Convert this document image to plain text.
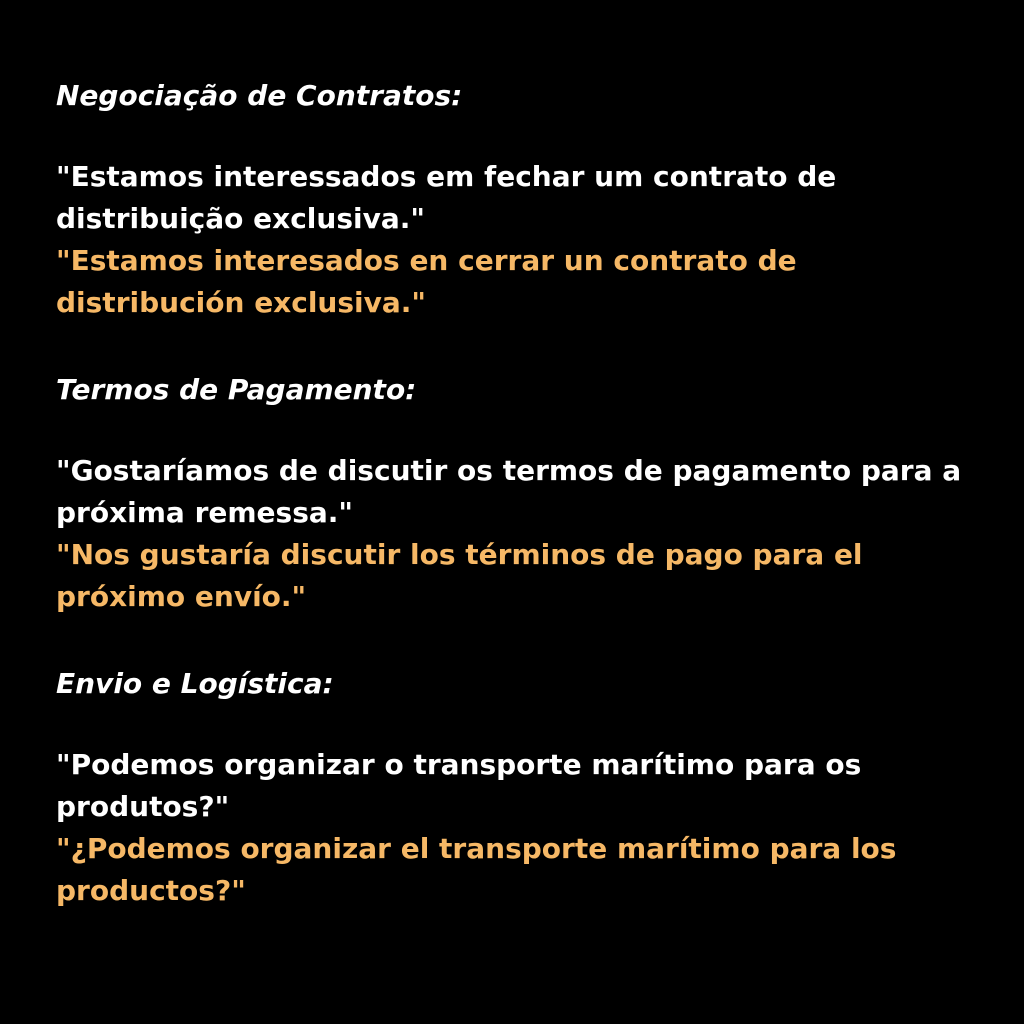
Negociação de Contratos:

"Estamos interessados em fechar um contrato de distribuição exclusiva."

"Estamos interesados en cerrar un contrato de distribución exclusiva."

Termos de Pagamento:

"Gostaríamos de discutir os termos de pagamento para a próxima remessa."

"Nos gustaría discutir los términos de pago para el próximo envío."

Envio e Logística:

"Podemos organizar o transporte marítimo para os produtos?"

"¿Podemos organizar el transporte marítimo para los productos?"
